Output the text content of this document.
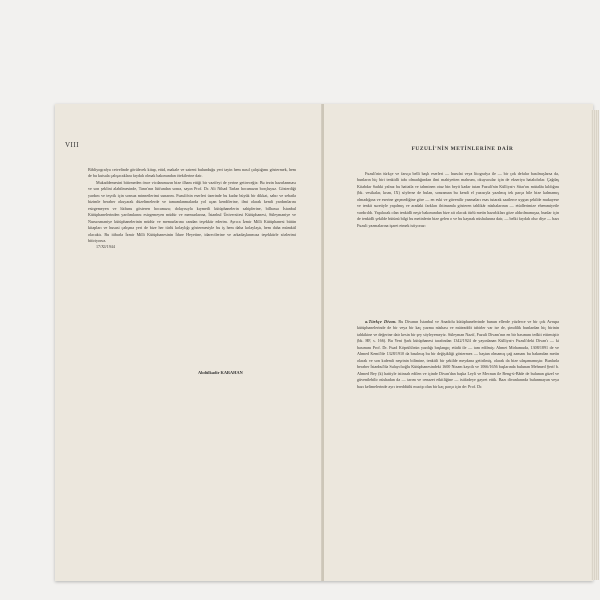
VIII

Bibliyografya cetvelinde görülecek kitap, etüd, makale ve saireni bulunduğu yeri tayin hem nasıl çalıştığımı göstermek, hem de bu kutsala çalışacaklara faydalı olmak bakımından ötekilerine dair.

Mukaddemesini bitirmeden önce vicdanımızın bize ilham ettiği bir vazifeyi de yerine getireceğiz: Bu tezin hazırlanması ve son şeklini alabilmesinde, Tanrı'nın lütfundan sonra, sayın Prof. Dr. Ali Nihad Tarlan hocamızın borçluyuz. Gösterdiği yardım ve teşvik için sonsuz minnetlerimi sunarım. Fuzuli'nin eserleri üzerinde bu kadar büyük bir dikkat, sabır ve sebatla bizimle beraber okuyarak düzeltmelerde ve tamamlanmalarda yol açan kendilerine, ilmi olarak kendi yardımlarını esirgemeyen ve lütfunu gösteren hocamıza; dolayısıyla kıymetli kütüphanelerin sahiplerine, bilhassa İstanbul Kütüphanelerinden yardımlarını esirgemeyen müdür ve memurlarına, İstanbul Üniversitesi Kütüphanesi, Süleymaniye ve Nuruosmaniye kütüphanelerinin müdür ve memurlarına candan teşekkür ederim. Ayrıca İzmir Milli Kütüphanesi bütün kitapları ve hususi çalışma yeri de bize her türlü kolaylığı göstermesiyle bu iş hem daha kolaylaştı, hem daha mümkül olacaktı. Bu itibarla İzmir Milli Kütüphanesinin İdare Heyetine, idarecilerine ve arkadaşlarımıza teşekkürle sözlerimi bitiriyoruz.

17/XI/1944

Abdülkadir KARAHAN
FUZULİ'NİN METİNLERİNE DAİR

Fuzuli'nin türkçe ve farsça belli başlı eserleri — hurufat veya litografya ile — bir çok defalar basılmışlarsa da, bunların hiç biri tenkidli tabı olmadığından ilmi mahiyetten mahrum, okuyucular için de ekseriya hatalıdırlar. Çağdaş Kitabdar Sadıki yalnız bu hattatla ve tahminen otuz bin beyit kadar tutan Fuzuli'nin Külliyat-ı Sitar'ını mütalâa kıldığını (bk. vesikalar, kısm, IX) söylerse de bulan, sonzaman bu kendi el yazısıyla yazılmış tek parça bile bize kalmamış olmadığına ve eserine geçmediğine göre — en eski ve güvenilir yazmaları esas tutarak saatlerce uygun şekilde mukayese ve tenkit suretiyle yapılmış ve aradaki farkları ihtimamla gösteren tahlikâr nüshalarının — etüdlerimize ehemmiyetle vardırıldı. Yapılacak olan tenkidli neşir bakımından bize ait olacak türlü metin hazırlıkları göze aldırılmamışsa, bunlar için de tenkidli şekilde bütünü bilgi bu metinlerin bize gelen o ve bu kaynak nüshalarına dair, — belki faydalı olur diye — bazı Fuzuli yazmalarına işaret etmek istiyoruz:

a.Türkçe Divan. Bu Divanın İstanbul ve Anadolu kütüphanelerinde bunun ellerde yüzlerce ve bir çok Avrupa kütüphanelerinde de bir veya bir kaç yazma nüshası ve müteaddit tabirler var ise de, şimdilik bunlardan hiç birinin tahkikine ve değerine dair kesin bir şey söyleyemeyiz. Süleyman Nazif, Fuzuli Divanı'nın en bir basımını tedkit ettirmiştir (bk. HF, s. 166). Bu Yeni Şark kütüphanesi tarafından 1342/1924 de yayınlanan Külliyat-ı Fuzuli'deki Divan'ı — ki basımını Prof. Dr. Fuad Köprülü'nün yazdığı başlangıç etüdü ile — tam edilmiş: Ahmet Mirhamuda, 1308/1891 de ve Ahmed Kemil'de 1328/1910 da basılmış bu bir değişikliği göstermez — baştan olmamış çağ zamanı bu bakımdan metin olarak ve son kıdemli neşrinin bilimine, tenkitli bir şekilde meydana getirilmiş, olarak da bize ulaşamamıştır. Bunlarla beraber İstanbul'da Sulayclıoğlu Kütüphanesindeki 1600 Nizam kayıtlı ve 1066/1656 başlarında bulunan Mehmed Şerif b. Ahmed Bey (k) hattiyle istinsah edilen ve içinde Divan'dan başka Leyli ve Mecnun ile Beng-ü-Bâde de bulunan güzel ve güvenilebilir nüshadan da — tarım ve cenazet etkitliğine — istifadeye gayret ettik. Bazı divanlarında bulunmayan veya bazı kelimelerinde ayrı tereddütlü mucip olan bir kaç parça için de: Prof. Dr.
